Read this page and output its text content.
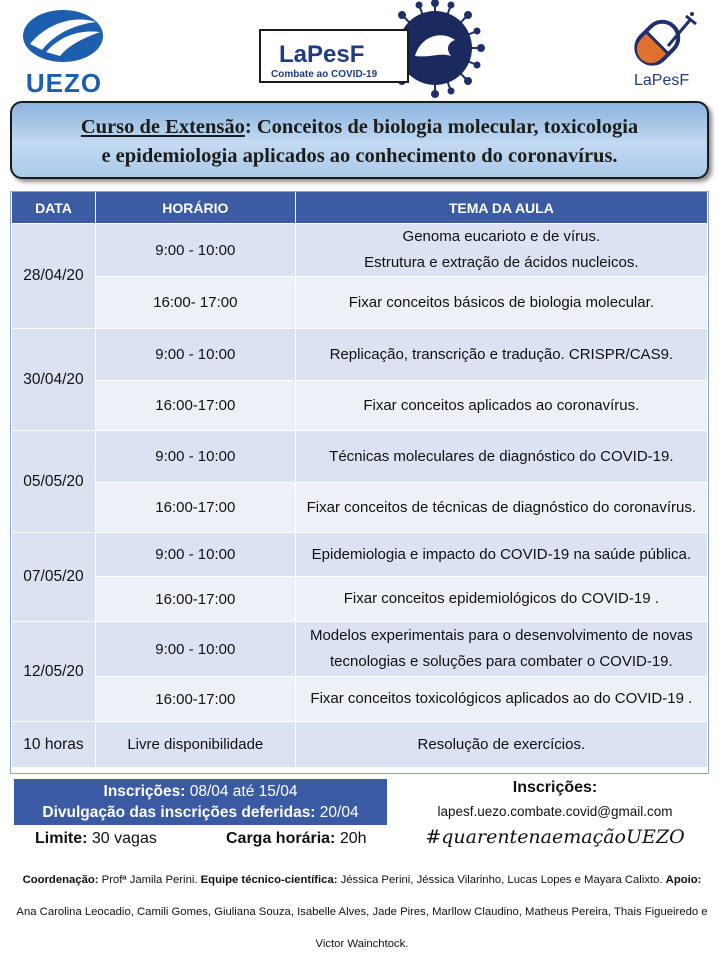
UEZO
LaPesF
Combate ao COVID-19	LaPesF
Curso de Extensão: Conceitos de biologia molecular, toxicologia
e epidemiologia aplicados ao conhecimento do coronavírus.
DATA	HORÁRIO	TEMA DA AULA
28/04/20	9:00 - 10:00	Genoma eucarioto e de vírus.
Estrutura e extração de ácidos nucleicos.

	16:00- 17:00	Fixar conceitos básicos de biologia molecular.

30/04/20	9:00 - 10:00	Replicação, transcrição e tradução. CRISPR/CAS9.

	16:00-17:00	Fixar conceitos aplicados ao coronavírus.

05/05/20	9:00 - 10:00	Técnicas moleculares de diagnóstico do COVID-19.

	16:00-17:00	Fixar conceitos de técnicas de diagnóstico do coronavírus.

07/05/20	9:00 - 10:00	Epidemiologia e impacto do COVID-19 na saúde pública.

	16:00-17:00	Fixar conceitos epidemiológicos do COVID-19 .

12/05/20	9:00 - 10:00	Modelos experimentais para o desenvolvimento de novas
tecnologias e soluções para combater o COVID-19.

	16:00-17:00	Fixar conceitos toxicológicos aplicados ao do COVID-19 .

10 horas	Livre disponibilidade	Resolução de exercícios.
Inscrições: 08/04 até 15/04
Divulgação das inscrições deferidas: 20/04
Limite: 30 vagas	Carga horária: 20h
Inscrições:
lapesf.uezo.combate.covid@gmail.com
#quarentenaemaçãoUEZO
Coordenação: Profª Jamila Perini. Equipe técnico-científica: Jéssica Perini, Jéssica Vilarinho, Lucas Lopes e Mayara Calixto. Apoio: Ana Carolina Leocadio, Camili Gomes, Giuliana Souza, Isabelle Alves, Jade Pires, Marllow Claudino, Matheus Pereira, Thais Figueiredo e Victor Wainchtock.
